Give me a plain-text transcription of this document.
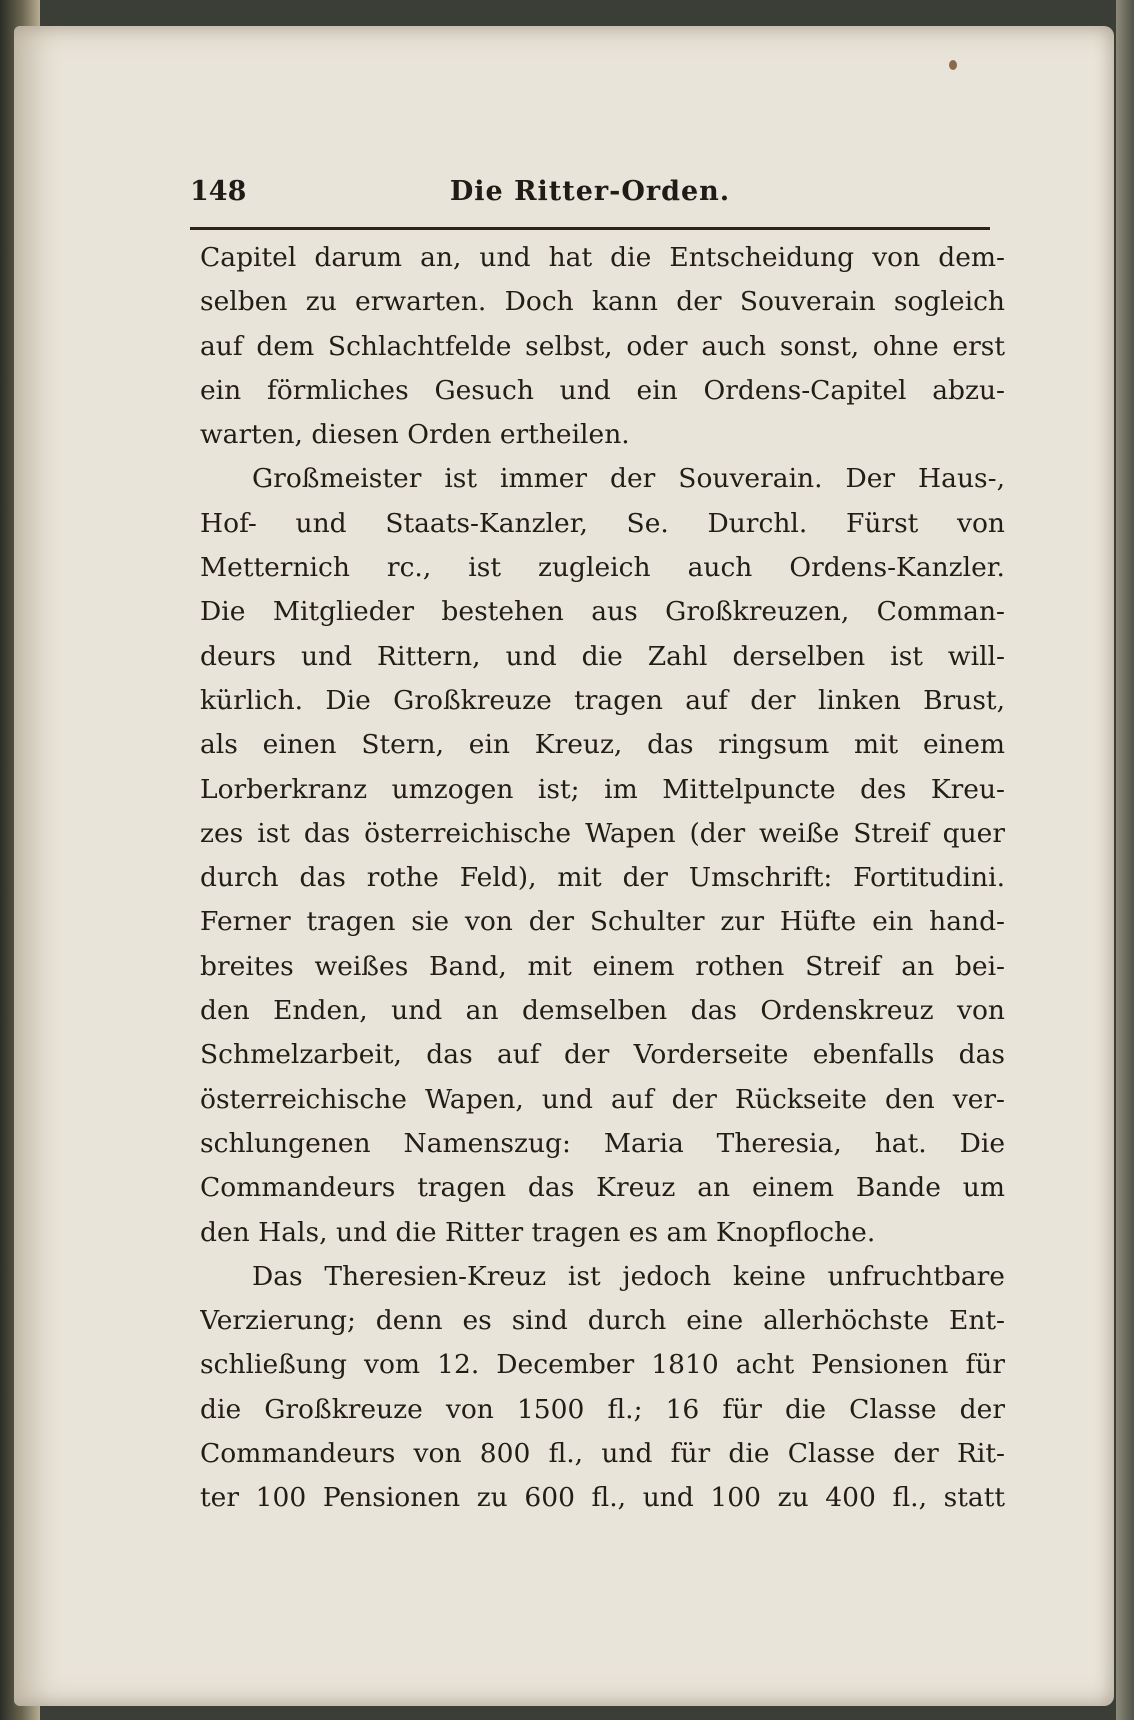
148	Die Ritter-Orden.
Capitel darum an, und hat die Entscheidung von dem-
selben zu erwarten. Doch kann der Souverain sogleich
auf dem Schlachtfelde selbst, oder auch sonst, ohne erst
ein förmliches Gesuch und ein Ordens-Capitel abzu-
warten, diesen Orden ertheilen.
Großmeister ist immer der Souverain. Der Haus-,
Hof- und Staats-Kanzler, Se. Durchl. Fürst von
Metternich rc., ist zugleich auch Ordens-Kanzler.
Die Mitglieder bestehen aus Großkreuzen, Comman-
deurs und Rittern, und die Zahl derselben ist will-
kürlich. Die Großkreuze tragen auf der linken Brust,
als einen Stern, ein Kreuz, das ringsum mit einem
Lorberkranz umzogen ist; im Mittelpuncte des Kreu-
zes ist das österreichische Wapen (der weiße Streif quer
durch das rothe Feld), mit der Umschrift: Fortitudini.
Ferner tragen sie von der Schulter zur Hüfte ein hand-
breites weißes Band, mit einem rothen Streif an bei-
den Enden, und an demselben das Ordenskreuz von
Schmelzarbeit, das auf der Vorderseite ebenfalls das
österreichische Wapen, und auf der Rückseite den ver-
schlungenen Namenszug: Maria Theresia, hat. Die
Commandeurs tragen das Kreuz an einem Bande um
den Hals, und die Ritter tragen es am Knopfloche.
Das Theresien-Kreuz ist jedoch keine unfruchtbare
Verzierung; denn es sind durch eine allerhöchste Ent-
schließung vom 12. December 1810 acht Pensionen für
die Großkreuze von 1500 fl.; 16 für die Classe der
Commandeurs von 800 fl., und für die Classe der Rit-
ter 100 Pensionen zu 600 fl., und 100 zu 400 fl., statt
